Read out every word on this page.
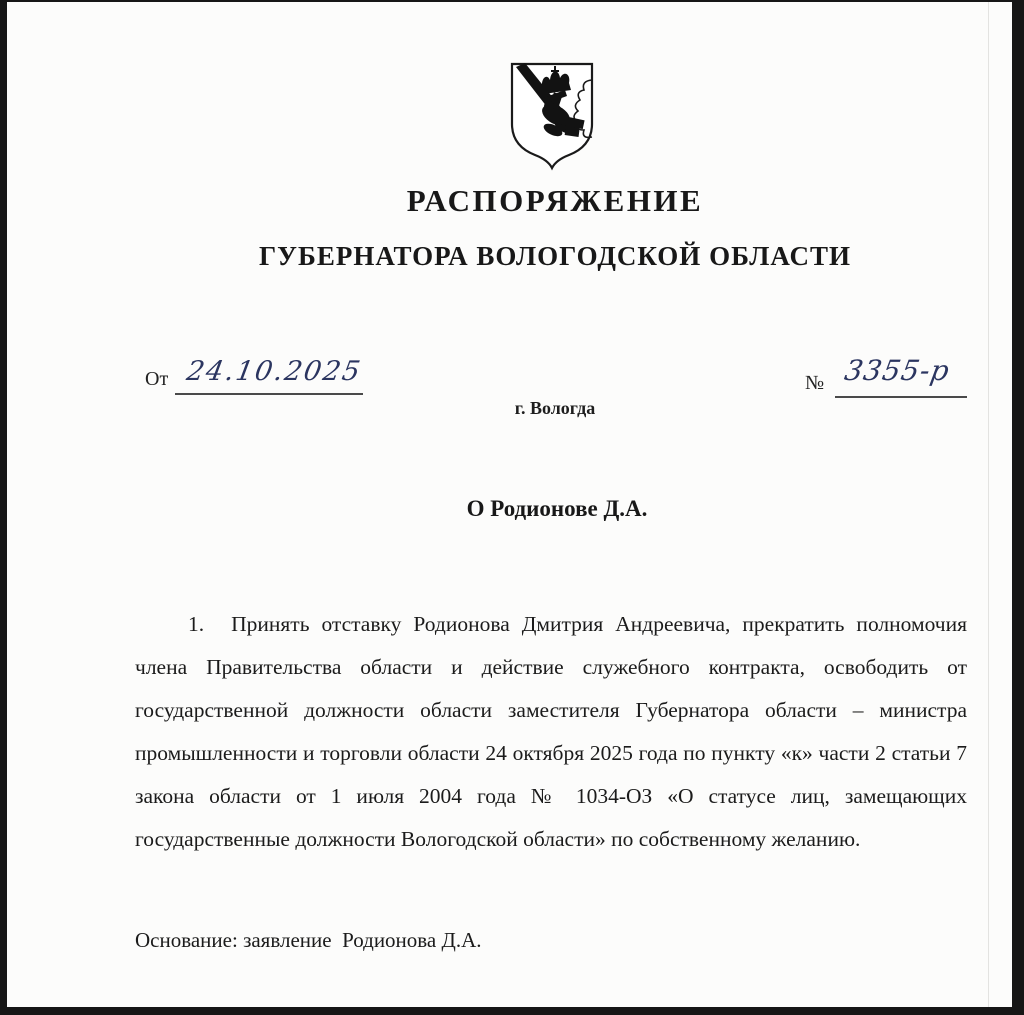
РАСПОРЯЖЕНИЕ
ГУБЕРНАТОРА ВОЛОГОДСКОЙ ОБЛАСТИ
От 24.10.2025	№ 3355-р
г. Вологда
О Родионове Д.А.

1. Принять отставку Родионова Дмитрия Андреевича, прекратить полномочия члена Правительства области и действие служебного контракта, освободить от государственной должности области заместителя Губернатора области – министра промышленности и торговли области 24 октября 2025 года по пункту «к» части 2 статьи 7 закона области от 1 июля 2004 года № 1034-ОЗ «О статусе лиц, замещающих государственные должности Вологодской области» по собственному желанию.

Основание: заявление  Родионова Д.А.
